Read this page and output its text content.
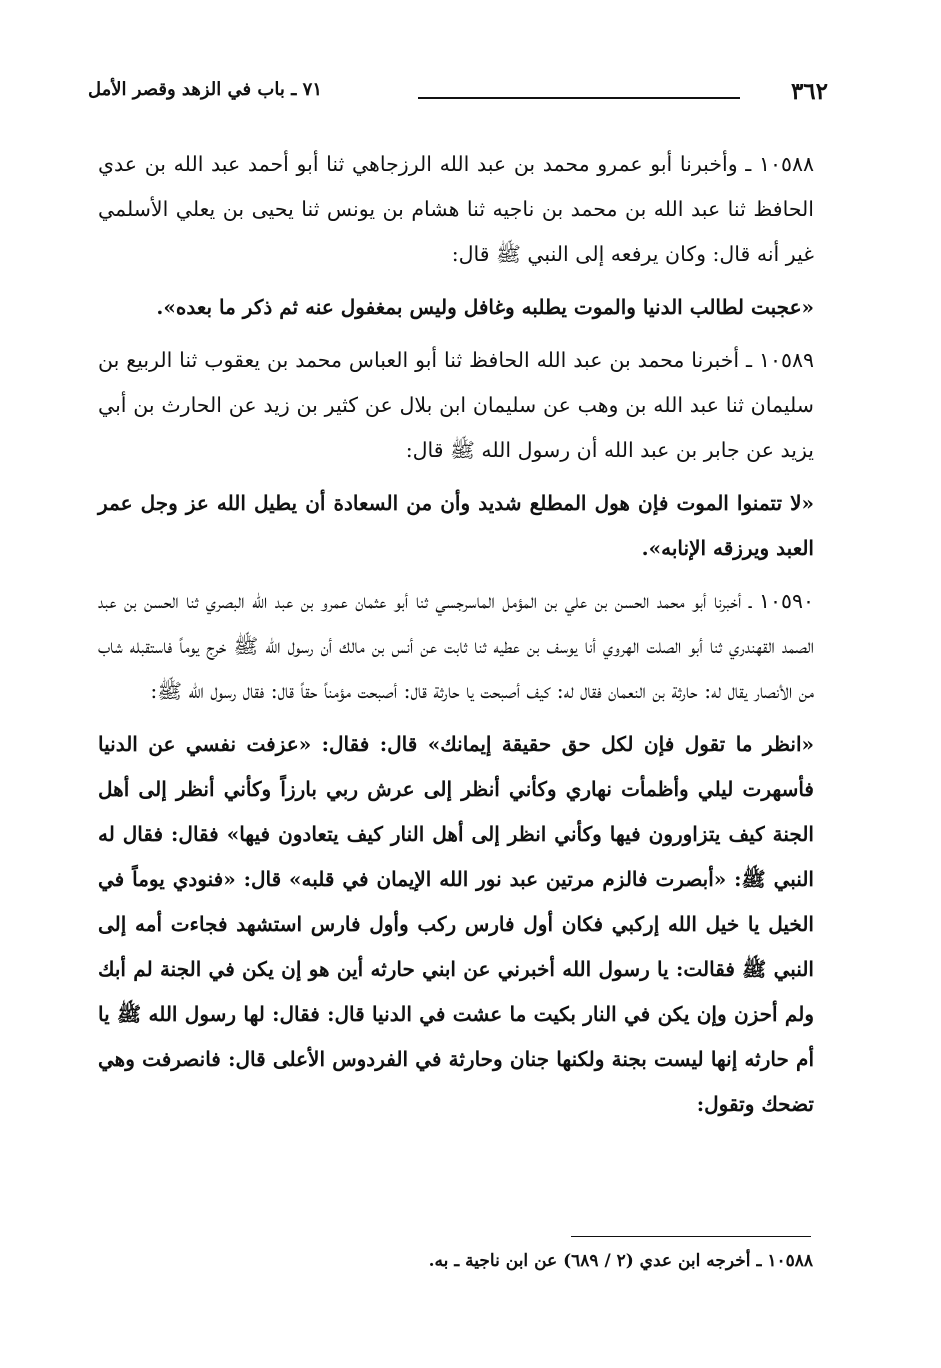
٣٦٢
٧١ ـ باب في الزهد وقصر الأمل

١٠٥٨٨ ـ وأخبرنا أبو عمرو محمد بن عبد الله الرزجاهي ثنا أبو أحمد عبد الله بن عدي الحافظ ثنا عبد الله بن محمد بن ناجيه ثنا هشام بن يونس ثنا يحيى بن يعلي الأسلمي غير أنه قال: وكان يرفعه إلى النبي ﷺ قال:

«عجبت لطالب الدنيا والموت يطلبه وغافل وليس بمغفول عنه ثم ذكر ما بعده».

١٠٥٨٩ ـ أخبرنا محمد بن عبد الله الحافظ ثنا أبو العباس محمد بن يعقوب ثنا الربيع بن سليمان ثنا عبد الله بن وهب عن سليمان ابن بلال عن كثير بن زيد عن الحارث بن أبي يزيد عن جابر بن عبد الله أن رسول الله ﷺ قال:

«لا تتمنوا الموت فإن هول المطلع شديد وأن من السعادة أن يطيل الله عز وجل عمر العبد ويرزقه الإنابه».

١٠٥٩٠ ـ أخبرنا أبو محمد الحسن بن علي بن المؤمل الماسرجسي ثنا أبو عثمان عمرو بن عبد الله البصري ثنا الحسن بن عبد الصمد القهندري ثنا أبو الصلت الهروي أنا يوسف بن عطيه ثنا ثابت عن أنس بن مالك أن رسول الله ﷺ خرج يوماً فاستقبله شاب من الأنصار يقال له: حارثة بن النعمان فقال له: كيف أصبحت يا حارثة قال: أصبحت مؤمناً حقاً قال: فقال رسول الله ﷺ:

«انظر ما تقول فإن لكل حق حقيقة إيمانك» قال: فقال: «عزفت نفسي عن الدنيا فأسهرت ليلي وأظمأت نهاري وكأني أنظر إلى عرش ربي بارزاً وكأني أنظر إلى أهل الجنة كيف يتزاورون فيها وكأني انظر إلى أهل النار كيف يتعادون فيها» فقال: فقال له النبي ﷺ: «أبصرت فالزم مرتين عبد نور الله الإيمان في قلبه» قال: «فنودي يوماً في الخيل يا خيل الله إركبي فكان أول فارس ركب وأول فارس استشهد فجاءت أمه إلى النبي ﷺ فقالت: يا رسول الله أخبرني عن ابني حارثه أين هو إن يكن في الجنة لم أبك ولم أحزن وإن يكن في النار بكيت ما عشت في الدنيا قال: فقال: لها رسول الله ﷺ يا أم حارثه إنها ليست بجنة ولكنها جنان وحارثة في الفردوس الأعلى قال: فانصرفت وهي تضحك وتقول:

١٠٥٨٨ ـ أخرجه ابن عدي (٢ / ٦٨٩) عن ابن ناجية ـ به.
